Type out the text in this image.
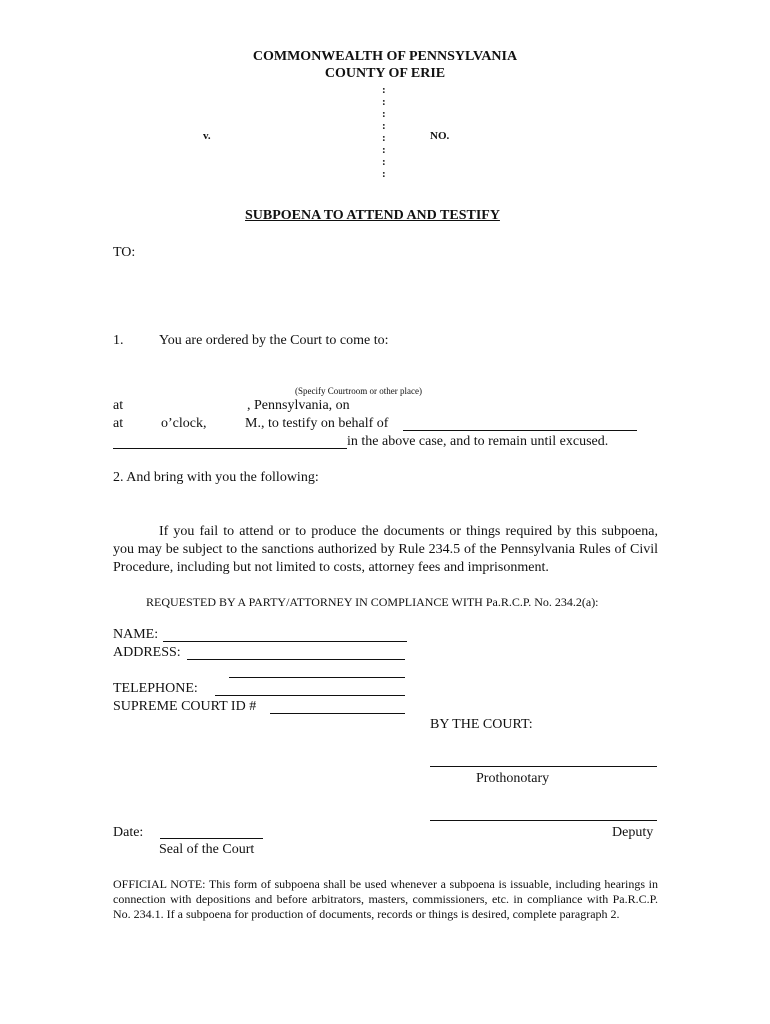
COMMONWEALTH OF PENNSYLVANIA
COUNTY OF ERIE
:
:
:
:
:
:
:
:
v.	NO.
SUBPOENA TO ATTEND AND TESTIFY
TO:
1.	You are ordered by the Court to come to:
(Specify Courtroom or other place)
at	, Pennsylvania, on
at	o’clock,	M., to testify on behalf of
in the above case, and to remain until excused.
2. And bring with you the following:
If you fail to attend or to produce the documents or things required by this subpoena, you may be subject to the sanctions authorized by Rule 234.5 of the Pennsylvania Rules of Civil Procedure, including but not limited to costs, attorney fees and imprisonment.
REQUESTED BY A PARTY/ATTORNEY IN COMPLIANCE WITH Pa.R.C.P. No. 234.2(a):
NAME:
ADDRESS:
TELEPHONE:
SUPREME COURT ID #
BY THE COURT:
Prothonotary
Deputy
Date:
Seal of the Court
OFFICIAL NOTE: This form of subpoena shall be used whenever a subpoena is issuable, including hearings in connection with depositions and before arbitrators, masters, commissioners, etc. in compliance with Pa.R.C.P. No. 234.1. If a subpoena for production of documents, records or things is desired, complete paragraph 2.
